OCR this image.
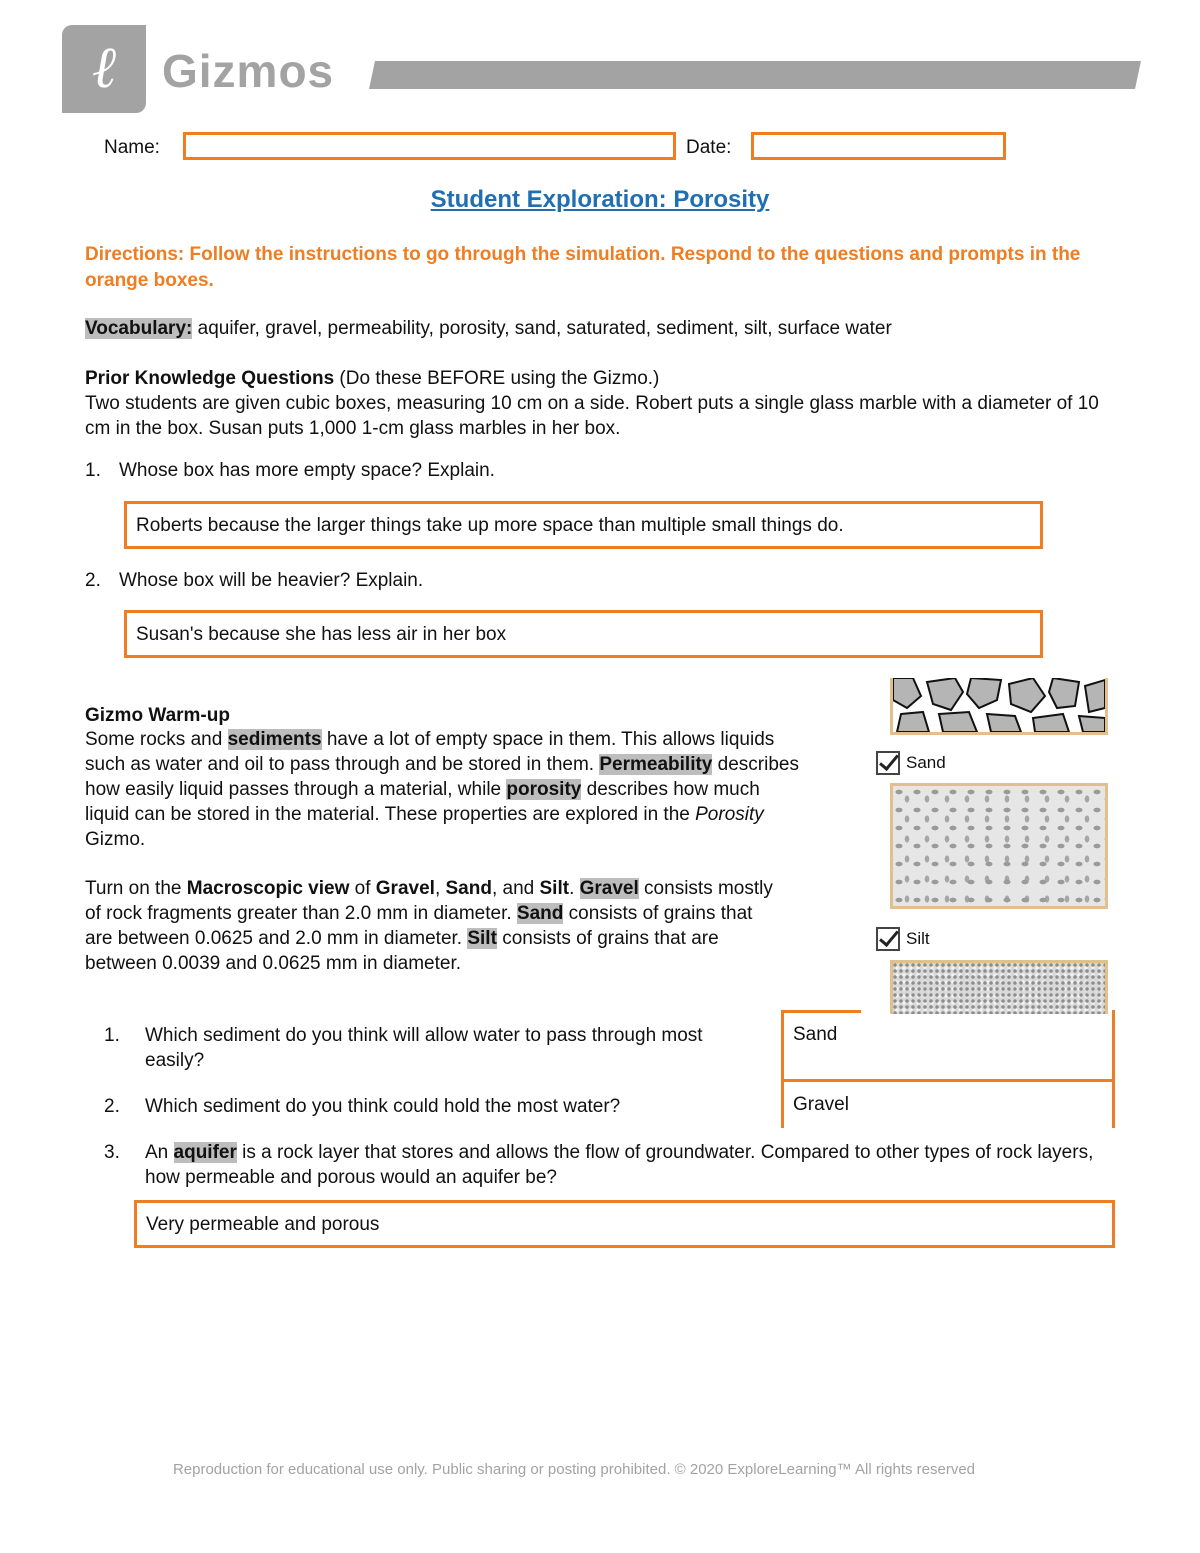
ℓ Gizmos
Name:	Date:
Student Exploration: Porosity
Directions: Follow the instructions to go through the simulation. Respond to the questions and prompts in the orange boxes.
Vocabulary: aquifer, gravel, permeability, porosity, sand, saturated, sediment, silt, surface water
Prior Knowledge Questions (Do these BEFORE using the Gizmo.)
Two students are given cubic boxes, measuring 10 cm on a side. Robert puts a single glass marble with a diameter of 10 cm in the box. Susan puts 1,000 1-cm glass marbles in her box.
1. Whose box has more empty space? Explain.
Roberts because the larger things take up more space than multiple small things do.
2. Whose box will be heavier? Explain.
Susan's because she has less air in her box
Gizmo Warm-up
Some rocks and sediments have a lot of empty space in them. This allows liquids such as water and oil to pass through and be stored in them. Permeability describes how easily liquid passes through a material, while porosity describes how much liquid can be stored in the material. These properties are explored in the Porosity Gizmo.
Turn on the Macroscopic view of Gravel, Sand, and Silt. Gravel consists mostly of rock fragments greater than 2.0 mm in diameter. Sand consists of grains that are between 0.0625 and 2.0 mm in diameter. Silt consists of grains that are between 0.0039 and 0.0625 mm in diameter.
Sand
Silt
1. Which sediment do you think will allow water to pass through most easily?
Sand
2. Which sediment do you think could hold the most water?	Gravel
3. An aquifer is a rock layer that stores and allows the flow of groundwater. Compared to other types of rock layers, how permeable and porous would an aquifer be?
Very permeable and porous
Reproduction for educational use only. Public sharing or posting prohibited. © 2020 ExploreLearning™ All rights reserved
